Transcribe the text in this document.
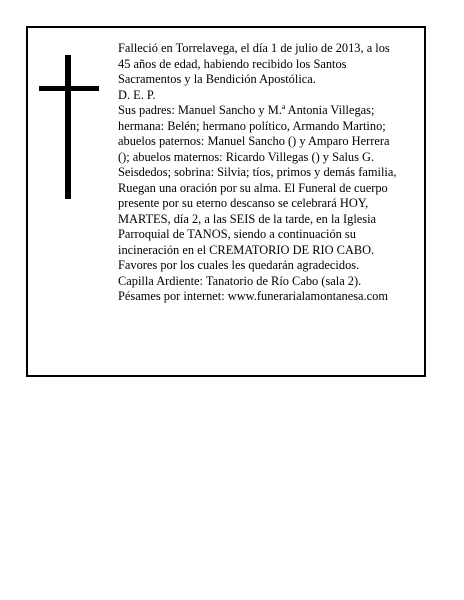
Falleció en Torrelavega, el día 1 de julio de 2013, a los
45 años de edad, habiendo recibido los Santos
Sacramentos y la Bendición Apostólica.
D. E. P.
Sus padres: Manuel Sancho y M.ª Antonia Villegas;
hermana: Belén; hermano político, Armando Martino;
abuelos paternos: Manuel Sancho () y Amparo Herrera
(); abuelos maternos: Ricardo Villegas () y Salus G.
Seisdedos; sobrina: Silvia; tíos, primos y demás familia,
Ruegan una oración por su alma. El Funeral de cuerpo
presente por su eterno descanso se celebrará HOY,
MARTES, día 2, a las SEIS de la tarde, en la Iglesia
Parroquial de TANOS, siendo a continuación su
incineración en el CREMATORIO DE RIO CABO.
Favores por los cuales les quedarán agradecidos.
Capilla Ardiente: Tanatorio de Río Cabo (sala 2).
Pésames por internet: www.funerarialamontanesa.com
